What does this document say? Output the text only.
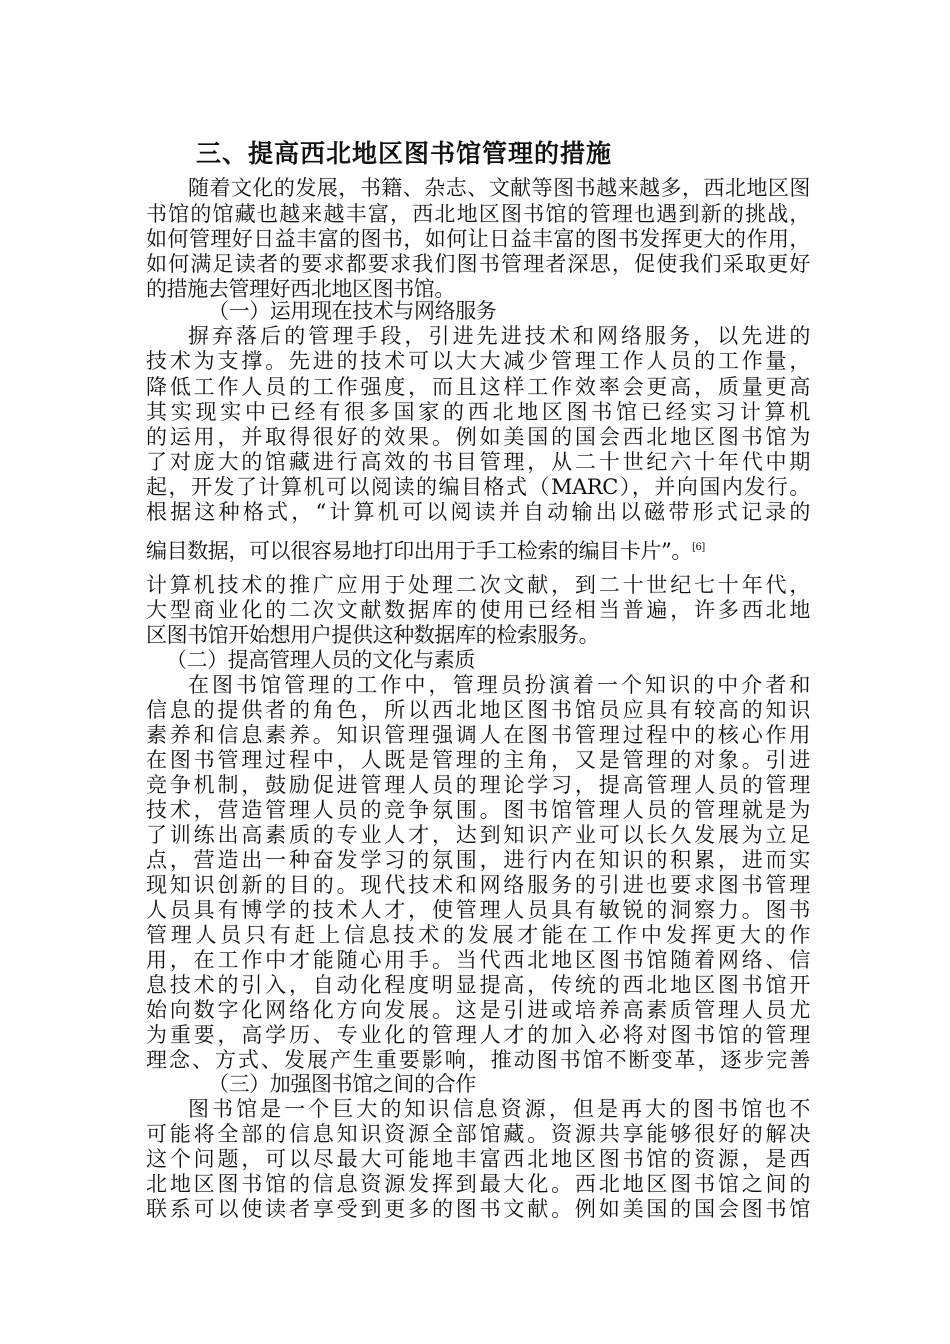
三、提高西北地区图书馆管理的措施
随着文化的发展，书籍、杂志、文献等图书越来越多，西北地区图
书馆的馆藏也越来越丰富，西北地区图书馆的管理也遇到新的挑战，
如何管理好日益丰富的图书，如何让日益丰富的图书发挥更大的作用，
如何满足读者的要求都要求我们图书管理者深思，促使我们采取更好
的措施去管理好西北地区图书馆。
（一）运用现在技术与网络服务
摒弃落后的管理手段，引进先进技术和网络服务，以先进的
技术为支撑。先进的技术可以大大减少管理工作人员的工作量，
降低工作人员的工作强度，而且这样工作效率会更高，质量更高
其实现实中已经有很多国家的西北地区图书馆已经实习计算机
的运用，并取得很好的效果。例如美国的国会西北地区图书馆为
了对庞大的馆藏进行高效的书目管理，从二十世纪六十年代中期
起，开发了计算机可以阅读的编目格式（MARC），并向国内发行。
根据这种格式，“计算机可以阅读并自动输出以磁带形式记录的
编目数据，可以很容易地打印出用于手工检索的编目卡片”。[6]
计算机技术的推广应用于处理二次文献，到二十世纪七十年代，
大型商业化的二次文献数据库的使用已经相当普遍，许多西北地
区图书馆开始想用户提供这种数据库的检索服务。
（二）提高管理人员的文化与素质
在图书馆管理的工作中，管理员扮演着一个知识的中介者和
信息的提供者的角色，所以西北地区图书馆员应具有较高的知识
素养和信息素养。知识管理强调人在图书管理过程中的核心作用
在图书管理过程中，人既是管理的主角，又是管理的对象。引进
竞争机制，鼓励促进管理人员的理论学习，提高管理人员的管理
技术，营造管理人员的竞争氛围。图书馆管理人员的管理就是为
了训练出高素质的专业人才，达到知识产业可以长久发展为立足
点，营造出一种奋发学习的氛围，进行内在知识的积累，进而实
现知识创新的目的。现代技术和网络服务的引进也要求图书管理
人员具有博学的技术人才，使管理人员具有敏锐的洞察力。图书
管理人员只有赶上信息技术的发展才能在工作中发挥更大的作
用，在工作中才能随心用手。当代西北地区图书馆随着网络、信
息技术的引入，自动化程度明显提高，传统的西北地区图书馆开
始向数字化网络化方向发展。这是引进或培养高素质管理人员尤
为重要，高学历、专业化的管理人才的加入必将对图书馆的管理
理念、方式、发展产生重要影响，推动图书馆不断变革，逐步完善
（三）加强图书馆之间的合作
图书馆是一个巨大的知识信息资源，但是再大的图书馆也不
可能将全部的信息知识资源全部馆藏。资源共享能够很好的解决
这个问题，可以尽最大可能地丰富西北地区图书馆的资源，是西
北地区图书馆的信息资源发挥到最大化。西北地区图书馆之间的
联系可以使读者享受到更多的图书文献。例如美国的国会图书馆
